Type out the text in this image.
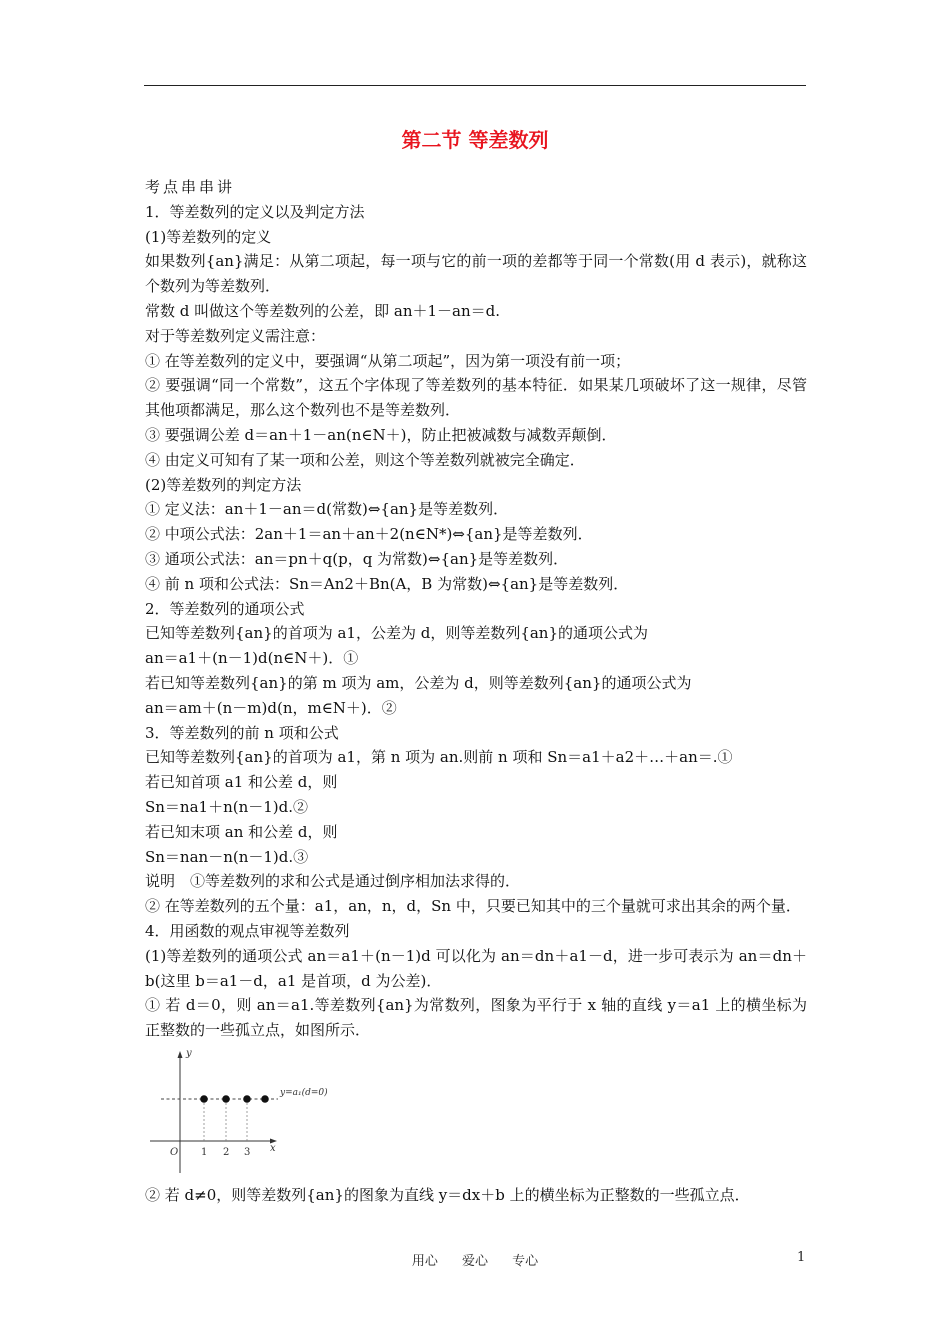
第二节 等差数列

考点串串讲

1．等差数列的定义以及判定方法

(1)等差数列的定义

如果数列{an}满足：从第二项起，每一项与它的前一项的差都等于同一个常数(用 d 表示)，就称这个数列为等差数列．

常数 d 叫做这个等差数列的公差，即 an＋1－an＝d.

对于等差数列定义需注意：

① 在等差数列的定义中，要强调“从第二项起”，因为第一项没有前一项；

② 要强调“同一个常数”，这五个字体现了等差数列的基本特征．如果某几项破坏了这一规律，尽管其他项都满足，那么这个数列也不是等差数列．

③ 要强调公差 d＝an＋1－an(n∈N＋)，防止把被减数与减数弄颠倒．

④ 由定义可知有了某一项和公差，则这个等差数列就被完全确定．

(2)等差数列的判定方法

① 定义法：an＋1－an＝d(常数)⇔{an}是等差数列．

② 中项公式法：2an＋1＝an＋an＋2(n∈N*)⇔{an}是等差数列．

③ 通项公式法：an＝pn＋q(p，q 为常数)⇔{an}是等差数列．

④ 前 n 项和公式法：Sn＝An2＋Bn(A，B 为常数)⇔{an}是等差数列．

2．等差数列的通项公式

已知等差数列{an}的首项为 a1，公差为 d，则等差数列{an}的通项公式为

an＝a1＋(n－1)d(n∈N＋)．①

若已知等差数列{an}的第 m 项为 am，公差为 d，则等差数列{an}的通项公式为

an＝am＋(n－m)d(n，m∈N＋)．②

3．等差数列的前 n 项和公式

已知等差数列{an}的首项为 a1，第 n 项为 an.则前 n 项和 Sn＝a1＋a2＋…＋an＝.①

若已知首项 a1 和公差 d，则

Sn＝na1＋n(n－1)d.②

若已知末项 an 和公差 d，则

Sn＝nan－n(n－1)d.③

说明　①等差数列的求和公式是通过倒序相加法求得的．

② 在等差数列的五个量：a1，an，n，d，Sn 中，只要已知其中的三个量就可求出其余的两个量．

4．用函数的观点审视等差数列

(1)等差数列的通项公式 an＝a1＋(n－1)d 可以化为 an＝dn＋a1－d，进一步可表示为 an＝dn＋b(这里 b＝a1－d，a1 是首项，d 为公差)．

① 若 d＝0，则 an＝a1.等差数列{an}为常数列，图象为平行于 x 轴的直线 y＝a1 上的横坐标为正整数的一些孤立点，如图所示．

y
x
O 1 2 3
y=a₁(d=0)

② 若 d≠0，则等差数列{an}的图象为直线 y＝dx＋b 上的横坐标为正整数的一些孤立点．

用心 爱心 专心	1
